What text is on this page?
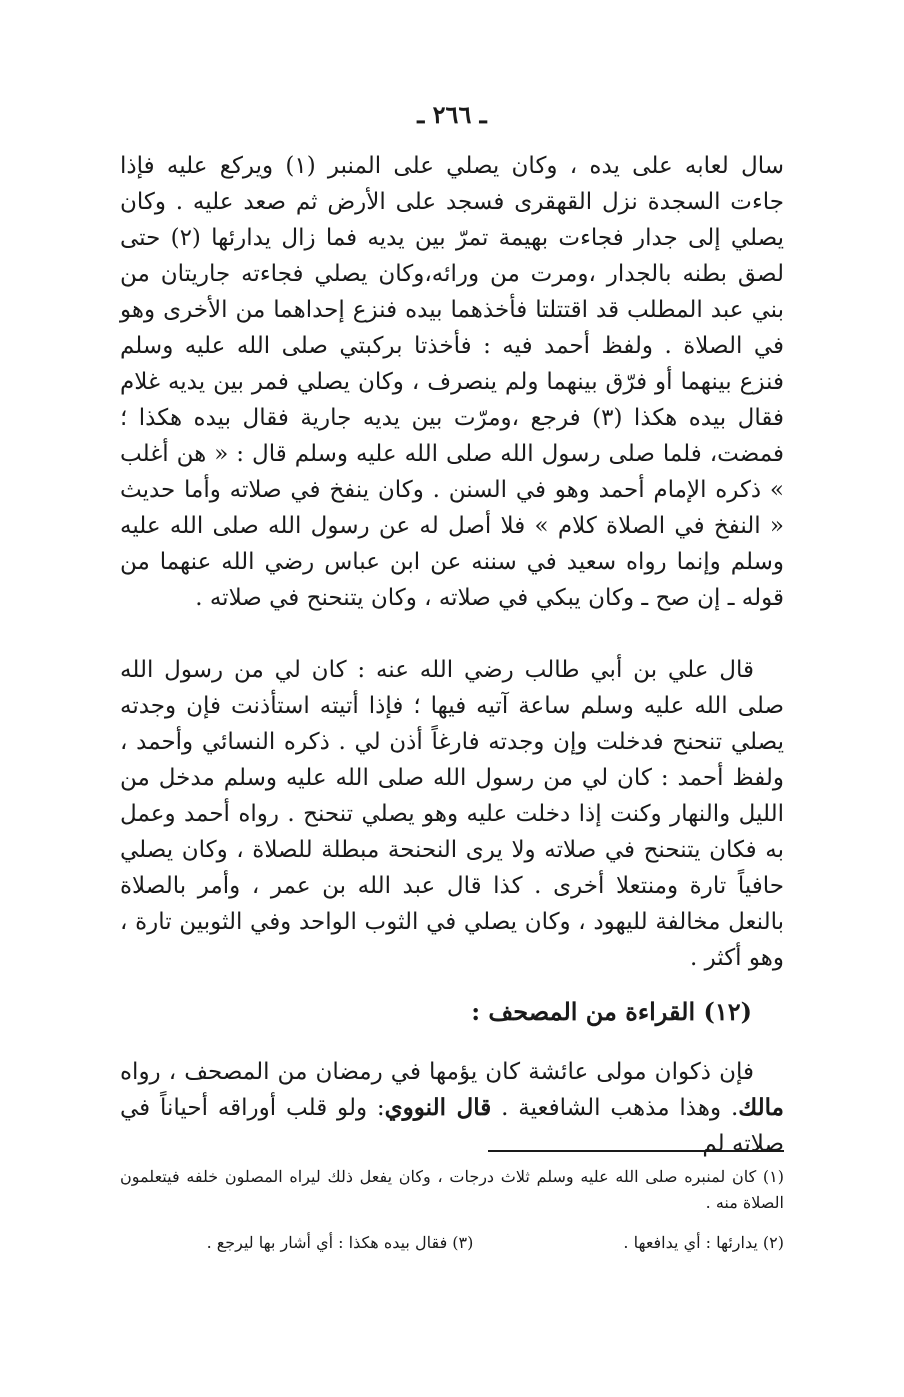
ـ ٢٦٦ ـ
سال لعابه على يده ، وكان يصلي على المنبر (١) ويركع عليه فإذا جاءت السجدة نزل القهقرى فسجد على الأرض ثم صعد عليه . وكان يصلي إلى جدار فجاءت بهيمة تمرّ بين يديه فما زال يدارئها (٢) حتى لصق بطنه بالجدار ،ومرت من ورائه،وكان يصلي فجاءته جاريتان من بني عبد المطلب قد اقتتلتا فأخذهما بيده فنزع إحداهما من الأخرى وهو في الصلاة . ولفظ أحمد فيه : فأخذتا بركبتي صلى الله عليه وسلم فنزع بينهما أو فرّق بينهما ولم ينصرف ، وكان يصلي فمر بين يديه غلام فقال بيده هكذا (٣) فرجع ،ومرّت بين يديه جارية فقال بيده هكذا ؛ فمضت، فلما صلى رسول الله صلى الله عليه وسلم قال : « هن أغلب » ذكره الإمام أحمد وهو في السنن . وكان ينفخ في صلاته وأما حديث « النفخ في الصلاة كلام » فلا أصل له عن رسول الله صلى الله عليه وسلم وإنما رواه سعيد في سننه عن ابن عباس رضي الله عنهما من قوله ـ إن صح ـ وكان يبكي في صلاته ، وكان يتنحنح في صلاته .
قال علي بن أبي طالب رضي الله عنه : كان لي من رسول الله صلى الله عليه وسلم ساعة آتيه فيها ؛ فإذا أتيته استأذنت فإن وجدته يصلي تنحنح فدخلت وإن وجدته فارغاً أذن لي . ذكره النسائي وأحمد ، ولفظ أحمد : كان لي من رسول الله صلى الله عليه وسلم مدخل من الليل والنهار وكنت إذا دخلت عليه وهو يصلي تنحنح . رواه أحمد وعمل به فكان يتنحنح في صلاته ولا يرى النحنحة مبطلة للصلاة ، وكان يصلي حافياً تارة ومنتعلا أخرى . كذا قال عبد الله بن عمر ، وأمر بالصلاة بالنعل مخالفة لليهود ، وكان يصلي في الثوب الواحد وفي الثوبين تارة ، وهو أكثر .
(١٢) القراءة من المصحف :
فإن ذكوان مولى عائشة كان يؤمها في رمضان من المصحف ، رواه مالك. وهذا مذهب الشافعية . قال النووي: ولو قلب أوراقه أحياناً في صلاته لم
(١) كان لمنبره صلى الله عليه وسلم ثلاث درجات ، وكان يفعل ذلك ليراه المصلون خلفه فيتعلمون الصلاة منه .
(٢) يدارئها : أي يدافعها .
(٣) فقال بيده هكذا : أي أشار بها ليرجع .
